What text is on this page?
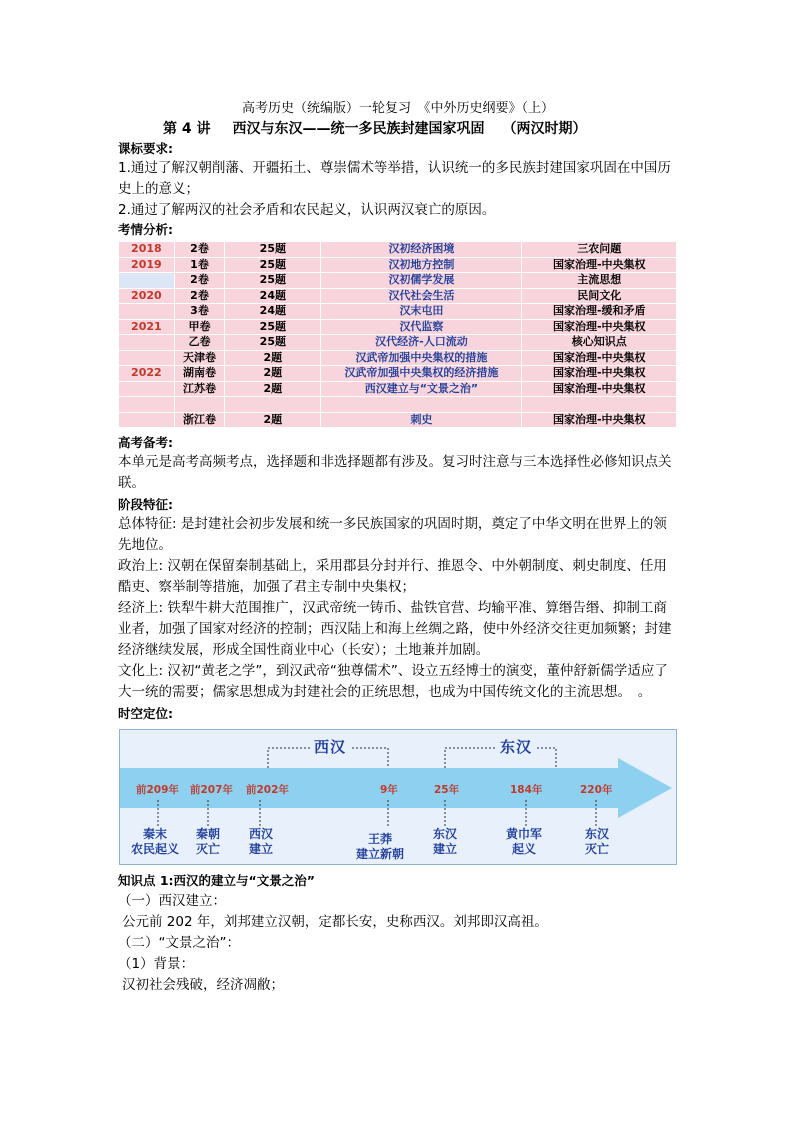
高考历史（统编版）一轮复习　《中外历史纲要》（上）
第 4 讲 西汉与东汉——统一多民族封建国家巩固 （两汉时期）
课标要求:
1.通过了解汉朝削藩、开疆拓土、尊崇儒术等举措，认识统一的多民族封建国家巩固在中国历史上的意义；
2.通过了解两汉的社会矛盾和农民起义，认识两汉衰亡的原因。
考情分析:
2018	2卷	25题	汉初经济困境	三农问题
2019	1卷	25题	汉初地方控制	国家治理-中央集权
	2卷	25题	汉初儒学发展	主流思想
2020	2卷	24题	汉代社会生活	民间文化
	3卷	24题	汉末屯田	国家治理-缓和矛盾
2021	甲卷	25题	汉代监察	国家治理-中央集权
	乙卷	25题	汉代经济-人口流动	核心知识点
	天津卷	2题	汉武帝加强中央集权的措施	国家治理-中央集权
2022	湖南卷	2题	汉武帝加强中央集权的经济措施	国家治理-中央集权
	江苏卷	2题	西汉建立与“文景之治”	国家治理-中央集权

	浙江卷	2题	刺史	国家治理-中央集权
高考备考:
本单元是高考高频考点，选择题和非选择题都有涉及。复习时注意与三本选择性必修知识点关联。
阶段特征:
总体特征: 是封建社会初步发展和统一多民族国家的巩固时期，奠定了中华文明在世界上的领先地位。
政治上: 汉朝在保留秦制基础上，采用郡县分封并行、推恩令、中外朝制度、刺史制度、任用酷吏、察举制等措施，加强了君主专制中央集权；
经济上: 铁犁牛耕大范围推广，汉武帝统一铸币、盐铁官营、均输平准、算缗告缗、抑制工商业者，加强了国家对经济的控制；西汉陆上和海上丝绸之路，使中外经济交往更加频繁；封建经济继续发展，形成全国性商业中心（长安）；土地兼并加剧。
文化上: 汉初“黄老之学”，到汉武帝“独尊儒术”、设立五经博士的演变，董仲舒新儒学适应了大一统的需要；儒家思想成为封建社会的正统思想，也成为中国传统文化的主流思想。　。
时空定位:
西汉	东汉
前209年 前207年 前202年	9年	25年	184年	220年
秦末
农民起义
秦朝
灭亡
西汉
建立
王莽
建立新朝
东汉
建立
黄巾军
起义
东汉
灭亡
知识点 1:西汉的建立与“文景之治”
（一）西汉建立：
公元前 202 年，刘邦建立汉朝，定都长安，史称西汉。刘邦即汉高祖。
（二）“文景之治”：
（1）背景：
汉初社会残破，经济凋敝；
